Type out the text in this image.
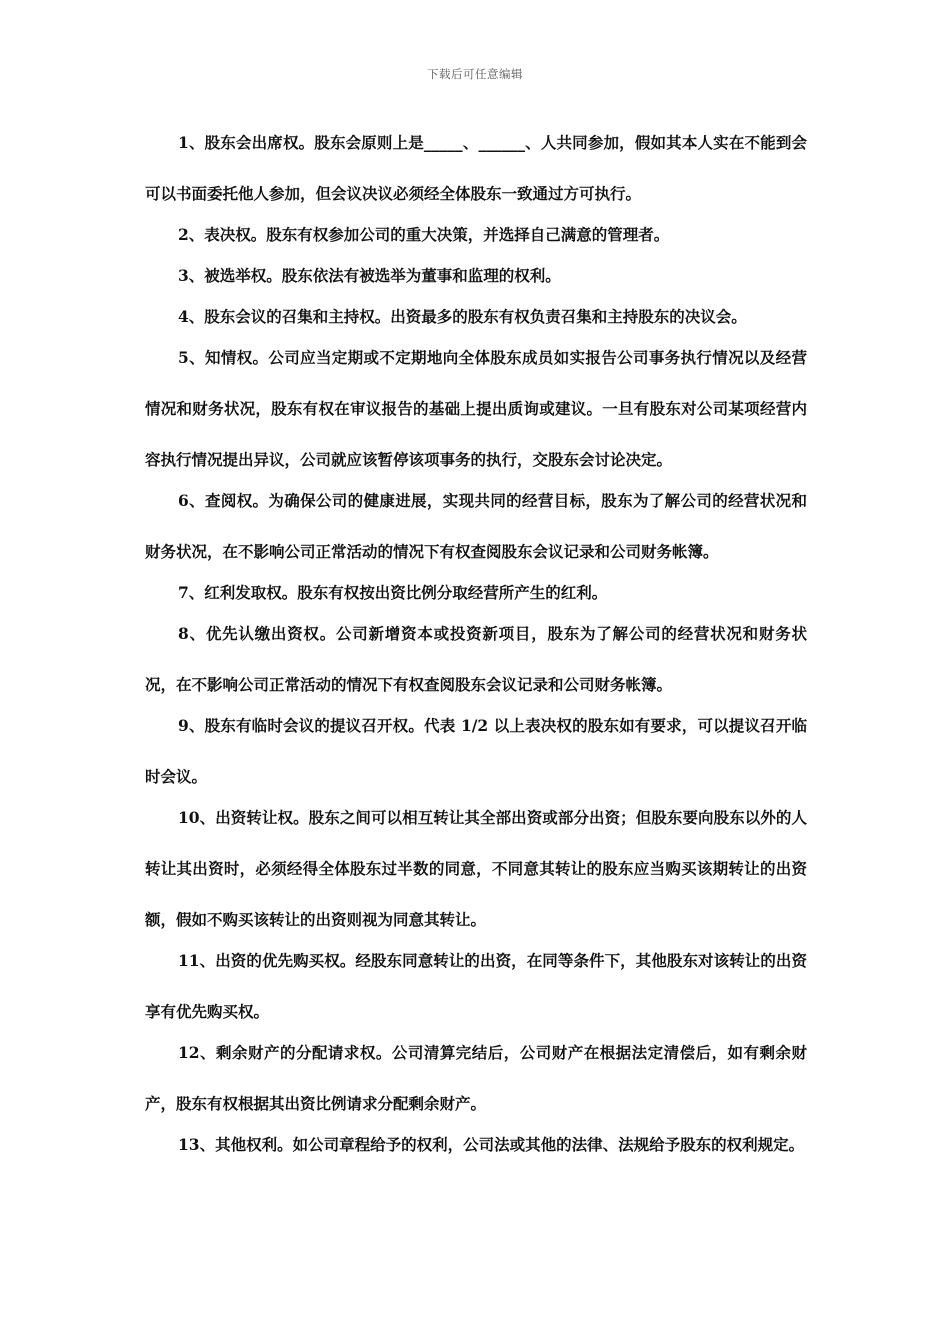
下载后可任意编辑

1、股东会出席权。股东会原则上是_____、______、人共同参加，假如其本人实在不能到会可以书面委托他人参加，但会议决议必须经全体股东一致通过方可执行。

2、表决权。股东有权参加公司的重大决策，并选择自己满意的管理者。

3、被选举权。股东依法有被选举为董事和监理的权利。

4、股东会议的召集和主持权。出资最多的股东有权负责召集和主持股东的决议会。

5、知情权。公司应当定期或不定期地向全体股东成员如实报告公司事务执行情况以及经营情况和财务状况，股东有权在审议报告的基础上提出质询或建议。一旦有股东对公司某项经营内容执行情况提出异议，公司就应该暂停该项事务的执行，交股东会讨论决定。

6、查阅权。为确保公司的健康进展，实现共同的经营目标，股东为了解公司的经营状况和财务状况，在不影响公司正常活动的情况下有权查阅股东会议记录和公司财务帐簿。

7、红利发取权。股东有权按出资比例分取经营所产生的红利。

8、优先认缴出资权。公司新增资本或投资新项目，股东为了解公司的经营状况和财务状况，在不影响公司正常活动的情况下有权查阅股东会议记录和公司财务帐簿。

9、股东有临时会议的提议召开权。代表 1/2 以上表决权的股东如有要求，可以提议召开临时会议。

10、出资转让权。股东之间可以相互转让其全部出资或部分出资；但股东要向股东以外的人转让其出资时，必须经得全体股东过半数的同意，不同意其转让的股东应当购买该期转让的出资额，假如不购买该转让的出资则视为同意其转让。

11、出资的优先购买权。经股东同意转让的出资，在同等条件下，其他股东对该转让的出资享有优先购买权。

12、剩余财产的分配请求权。公司清算完结后，公司财产在根据法定清偿后，如有剩余财产，股东有权根据其出资比例请求分配剩余财产。

13、其他权利。如公司章程给予的权利，公司法或其他的法律、法规给予股东的权利规定。
